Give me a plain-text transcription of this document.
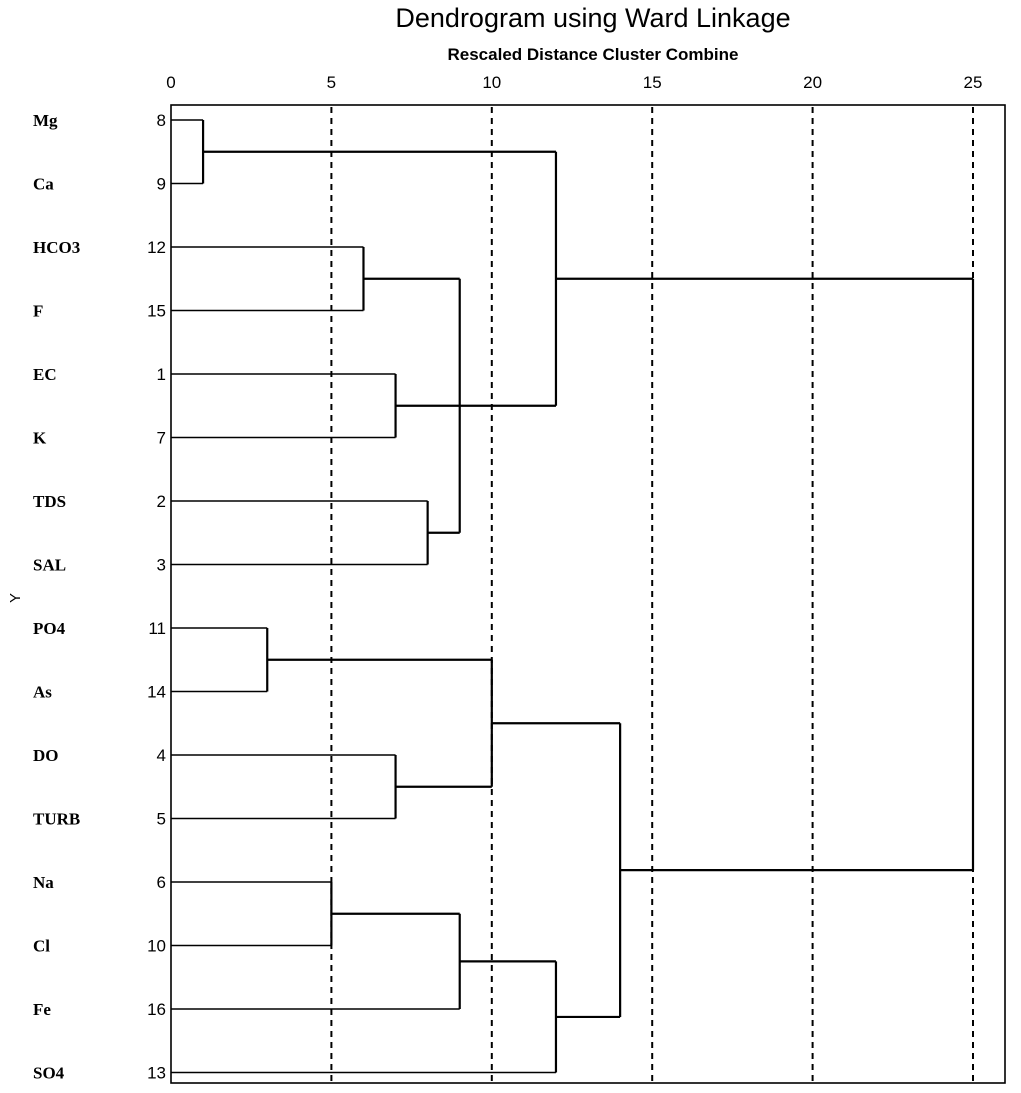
Dendrogram using Ward Linkage
Rescaled Distance Cluster Combine
Y
0	5	10	15	20	25
Mg	8
Ca	9
HCO3	12
F	15
EC	1
K	7
TDS	2
SAL	3
PO4	11
As	14
DO	4
TURB	5
Na	6
Cl	10
Fe	16
SO4	13
